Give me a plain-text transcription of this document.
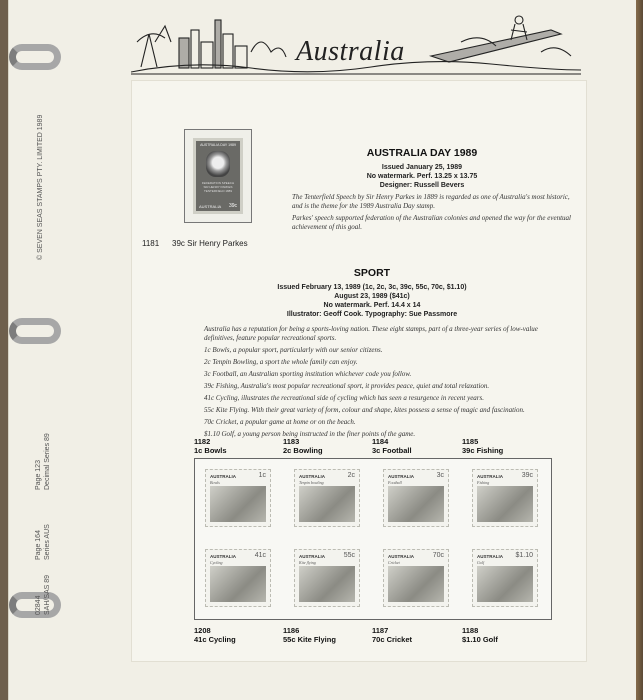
© SEVEN SEAS STAMPS PTY. LIMITED 1989
Page 123 Decimal Series 89
Page 164 Series AUS
02844 SAH/SAS 89
Australia
AUSTRALIA DAY 1989
FEDERATION SPEECH SIR HENRY PARKES TENTERFIELD 1889
AUSTRALIA 39c
1181 39c Sir Henry Parkes
AUSTRALIA DAY 1989
Issued January 25, 1989
No watermark. Perf. 13.25 x 13.75
Designer: Russell Bevers

The Tenterfield Speech by Sir Henry Parkes in 1889 is regarded as one of Australia's most historic, and is the theme for the 1989 Australia Day stamp.

Parkes' speech supported federation of the Australian colonies and opened the way for the eventual achievement of this goal.

SPORT
Issued February 13, 1989 (1c, 2c, 3c, 39c, 55c, 70c, $1.10)
August 23, 1989 ($41c)
No watermark. Perf. 14.4 x 14
Illustrator: Geoff Cook. Typography: Sue Passmore

Australia has a reputation for being a sports-loving nation. These eight stamps, part of a three-year series of low-value definitives, feature popular recreational sports.

1c Bowls, a popular sport, particularly with our senior citizens.

2c Tenpin Bowling, a sport the whole family can enjoy.

3c Football, an Australian sporting institution whichever code you follow.

39c Fishing, Australia's most popular recreational sport, it provides peace, quiet and total relaxation.

41c Cycling, illustrates the recreational side of cycling which has seen a resurgence in recent years.

55c Kite Flying. With their great variety of form, colour and shape, kites possess a sense of magic and fascination.

70c Cricket, a popular game at home or on the beach.

$1.10 Golf, a young person being instructed in the finer points of the game.

1182
1c Bowls
1183
2c Bowling
1184
3c Football
1185
39c Fishing
AUSTRALIA
Bowls
1c	AUSTRALIA
Tenpin bowling
2c	AUSTRALIA
Football
3c	AUSTRALIA
Fishing
39c
AUSTRALIA
Cycling
41c	AUSTRALIA
Kite flying
55c	AUSTRALIA
Cricket
70c	AUSTRALIA
Golf
$1.10
1208
41c Cycling
1186
55c Kite Flying
1187
70c Cricket
1188
$1.10 Golf
